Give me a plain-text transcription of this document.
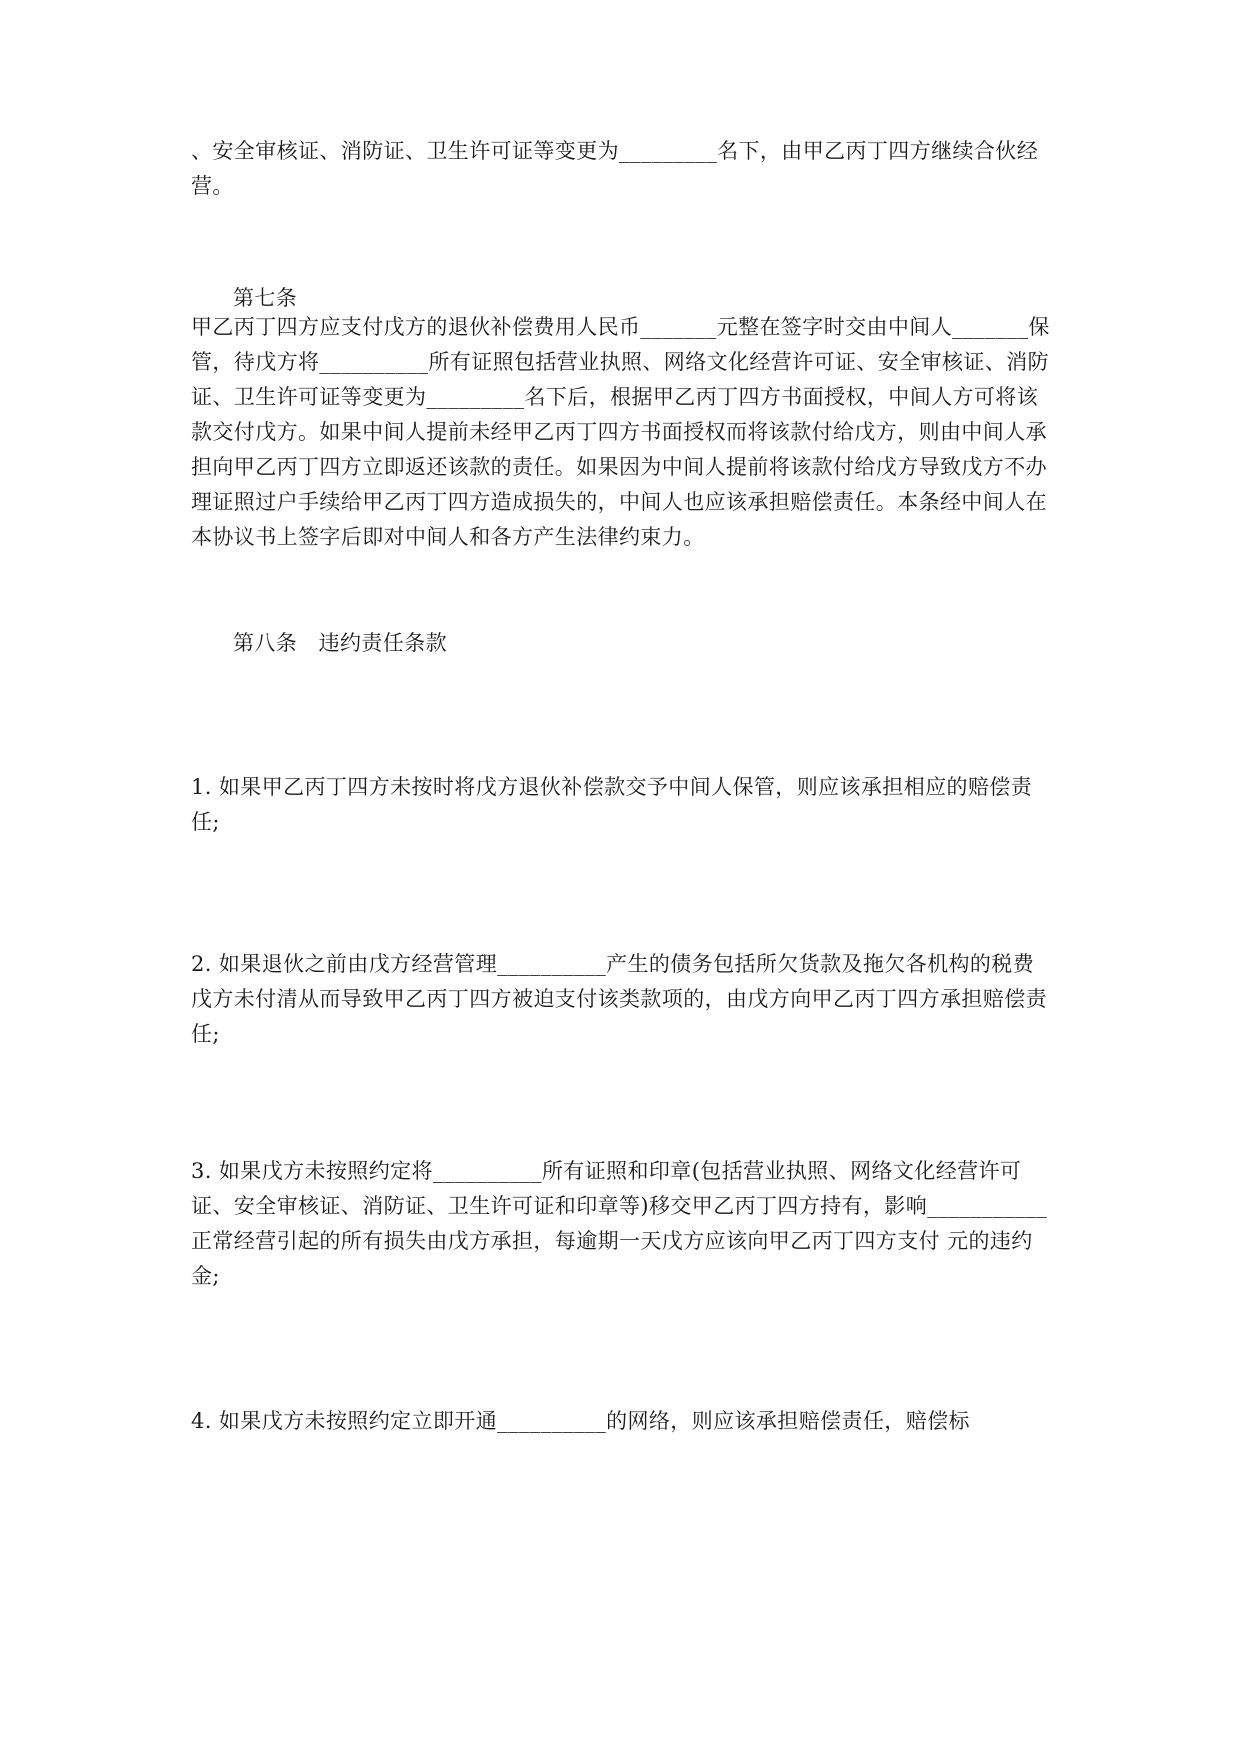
、安全审核证、消防证、卫生许可证等变更为_________名下，由甲乙丙丁四方继续合伙经营。
第七条
甲乙丙丁四方应支付戊方的退伙补偿费用人民币_______元整在签字时交由中间人_______保管，待戊方将__________所有证照包括营业执照、网络文化经营许可证、安全审核证、消防证、卫生许可证等变更为_________名下后，根据甲乙丙丁四方书面授权，中间人方可将该款交付戊方。如果中间人提前未经甲乙丙丁四方书面授权而将该款付给戊方，则由中间人承担向甲乙丙丁四方立即返还该款的责任。如果因为中间人提前将该款付给戊方导致戊方不办理证照过户手续给甲乙丙丁四方造成损失的，中间人也应该承担赔偿责任。本条经中间人在本协议书上签字后即对中间人和各方产生法律约束力。
第八条　违约责任条款
1. 如果甲乙丙丁四方未按时将戊方退伙补偿款交予中间人保管，则应该承担相应的赔偿责任;
2. 如果退伙之前由戊方经营管理__________产生的债务包括所欠货款及拖欠各机构的税费戊方未付清从而导致甲乙丙丁四方被迫支付该类款项的，由戊方向甲乙丙丁四方承担赔偿责任;
3. 如果戊方未按照约定将__________所有证照和印章(包括营业执照、网络文化经营许可证、安全审核证、消防证、卫生许可证和印章等)移交甲乙丙丁四方持有，影响___________正常经营引起的所有损失由戊方承担，每逾期一天戊方应该向甲乙丙丁四方支付 元的违约金;
4. 如果戊方未按照约定立即开通__________的网络，则应该承担赔偿责任，赔偿标
